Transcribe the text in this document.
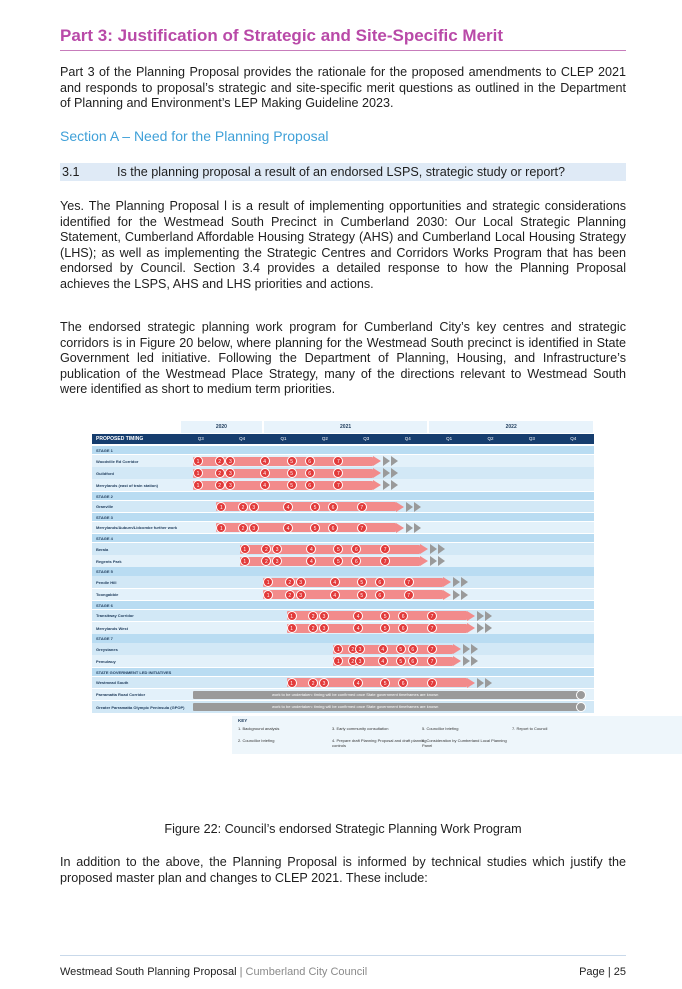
Part 3: Justification of Strategic and Site-Specific Merit

Part 3 of the Planning Proposal provides the rationale for the proposed amendments to CLEP 2021 and responds to proposal’s strategic and site-specific merit questions as outlined in the Department of Planning and Environment’s LEP Making Guideline 2023.

Section A – Need for the Planning Proposal
3.1	Is the planning proposal a result of an endorsed LSPS, strategic study or report?

Yes. The Planning Proposal l is a result of implementing opportunities and strategic considerations identified for the Westmead South Precinct in Cumberland 2030: Our Local Strategic Planning Statement, Cumberland Affordable Housing Strategy (AHS) and Cumberland Local Housing Strategy (LHS); as well as implementing the Strategic Centres and Corridors Works Program that has been endorsed by Council. Section 3.4 provides a detailed response to how the Planning Proposal achieves the LSPS, AHS and LHS priorities and actions.

The endorsed strategic planning work program for Cumberland City’s key centres and strategic corridors is in Figure 20 below, where planning for the Westmead South precinct is identified in State Government led initiative. Following the Department of Planning, Housing, and Infrastructure’s publication of the Westmead Place Strategy, many of the directions relevant to Westmead South were identified as short to medium term priorities.

2020	2021	2022
PROPOSED TIMING	Q3	Q4	Q1	Q2	Q3	Q4	Q1	Q2	Q3	Q4
STAGE 1
Woodville Rd Corridor	1	2	3	4	5	6	7
Guildford	1	2	3	4	5	6	7
Merrylands (east of train station)	1	2	3	4	5	6	7
STAGE 2
Granville	1	2	3	4	5	6	7
STAGE 3
Merrylands/Auburn/Lidcombe further work	1	2	3	4	5	6	7
STAGE 4
Berala	1	2	3	4	5	6	7
Regents Park	1	2	3	4	5	6	7
STAGE 5
Pendle Hill	1	2	3	4	5	6	7
Toongabbie	1	2	3	4	5	6	7
STAGE 6
Transitway Corridor	1	2	3	4	5	6	7
Merrylands West	1	2	3	4	5	6	7
STAGE 7
Greystanes	1	2 3	4	5	6	7
Pemulwuy	1	2 3	4	5	6	7
STATE GOVERNMENT LED INITIATIVES
Westmead South	1	2	3	4	5	6	7
Parramatta Road Corridor	work to be undertaken: timing will be confirmed once State government timeframes are known
Greater Parramatta Olympic Peninsula (GPOP)	work to be undertaken: timing will be confirmed once State government timeframes are known
KEY
1. Background analysis
2. Councillor briefing
3. Early community consultation
4. Prepare draft Planning Proposal and draft planning controls
5. Councillor briefing
6. Consideration by Cumberland Local Planning Panel
7. Report to Council
Figure 22: Council’s endorsed Strategic Planning Work Program

In addition to the above, the Planning Proposal is informed by technical studies which justify the proposed master plan and changes to CLEP 2021. These include:

Westmead South Planning Proposal | Cumberland City Council	Page | 25
